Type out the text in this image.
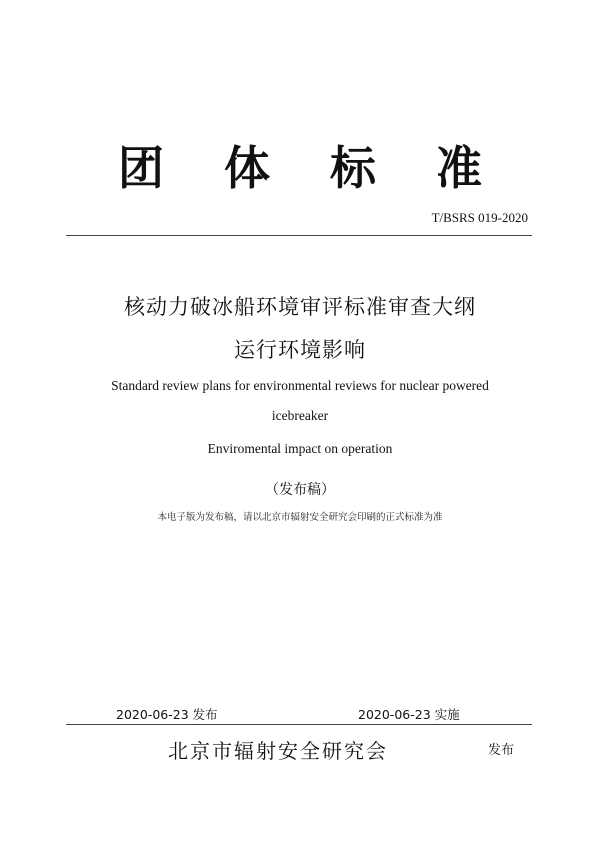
团	体	标	准
T/BSRS 019-2020
核动力破冰船环境审评标准审查大纲
运行环境影响
Standard review plans for environmental reviews for nuclear powered
icebreaker
Enviromental impact on operation
（发布稿）
本电子版为发布稿，请以北京市辐射安全研究会印刷的正式标准为准
2020-06-23 发布	2020-06-23 实施
北京市辐射安全研究会	发布
